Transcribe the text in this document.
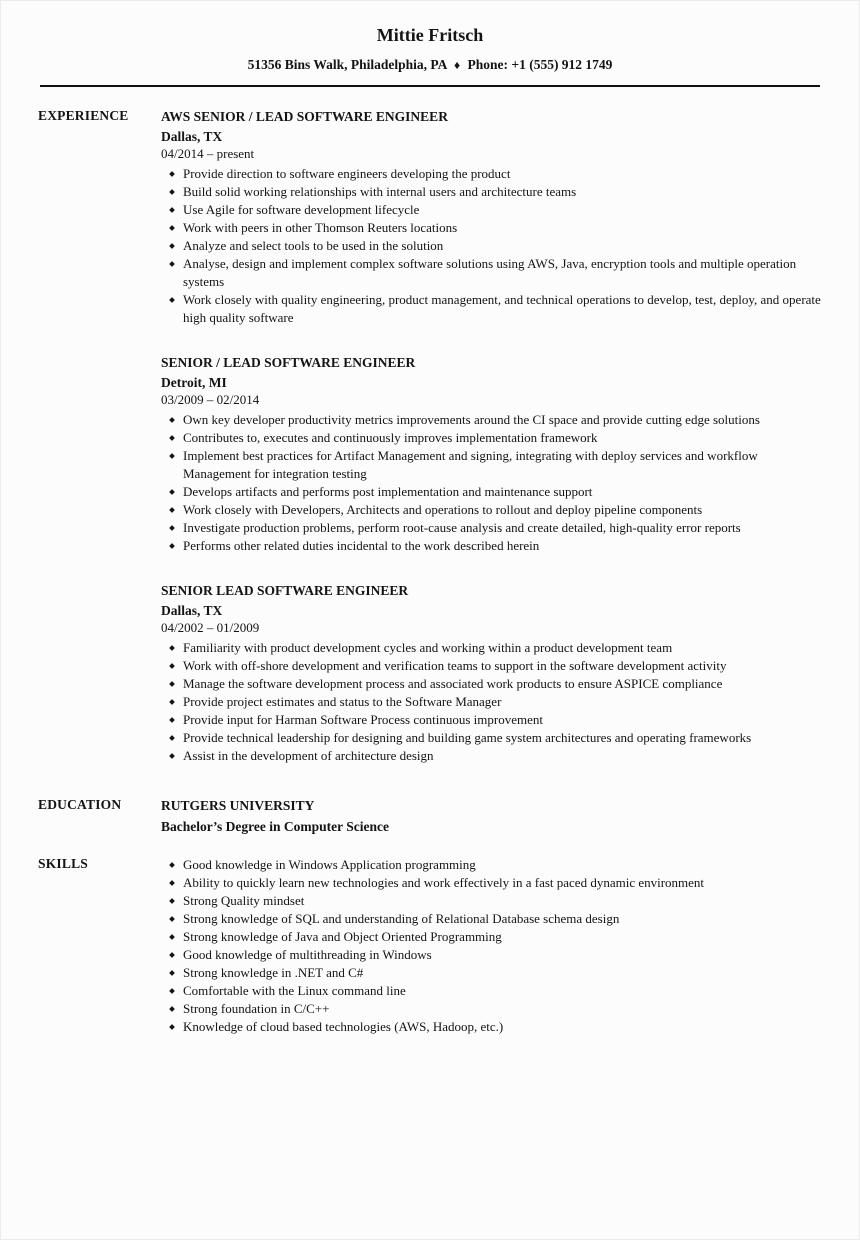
Mittie Fritsch
51356 Bins Walk, Philadelphia, PA ♦ Phone: +1 (555) 912 1749
EXPERIENCE	AWS SENIOR / LEAD SOFTWARE ENGINEER
Dallas, TX
04/2014 – present
Provide direction to software engineers developing the product
Build solid working relationships with internal users and architecture teams
Use Agile for software development lifecycle
Work with peers in other Thomson Reuters locations
Analyze and select tools to be used in the solution
Analyse, design and implement complex software solutions using AWS, Java, encryption tools and multiple operation systems
Work closely with quality engineering, product management, and technical operations to develop, test, deploy, and operate high quality software
SENIOR / LEAD SOFTWARE ENGINEER
Detroit, MI
03/2009 – 02/2014
Own key developer productivity metrics improvements around the CI space and provide cutting edge solutions
Contributes to, executes and continuously improves implementation framework
Implement best practices for Artifact Management and signing, integrating with deploy services and workflow Management for integration testing
Develops artifacts and performs post implementation and maintenance support
Work closely with Developers, Architects and operations to rollout and deploy pipeline components
Investigate production problems, perform root-cause analysis and create detailed, high-quality error reports
Performs other related duties incidental to the work described herein
SENIOR LEAD SOFTWARE ENGINEER
Dallas, TX
04/2002 – 01/2009
Familiarity with product development cycles and working within a product development team
Work with off-shore development and verification teams to support in the software development activity
Manage the software development process and associated work products to ensure ASPICE compliance
Provide project estimates and status to the Software Manager
Provide input for Harman Software Process continuous improvement
Provide technical leadership for designing and building game system architectures and operating frameworks
Assist in the development of architecture design
EDUCATION	RUTGERS UNIVERSITY
Bachelor’s Degree in Computer Science
SKILLS	Good knowledge in Windows Application programming
Ability to quickly learn new technologies and work effectively in a fast paced dynamic environment
Strong Quality mindset
Strong knowledge of SQL and understanding of Relational Database schema design
Strong knowledge of Java and Object Oriented Programming
Good knowledge of multithreading in Windows
Strong knowledge in .NET and C#
Comfortable with the Linux command line
Strong foundation in C/C++
Knowledge of cloud based technologies (AWS, Hadoop, etc.)
